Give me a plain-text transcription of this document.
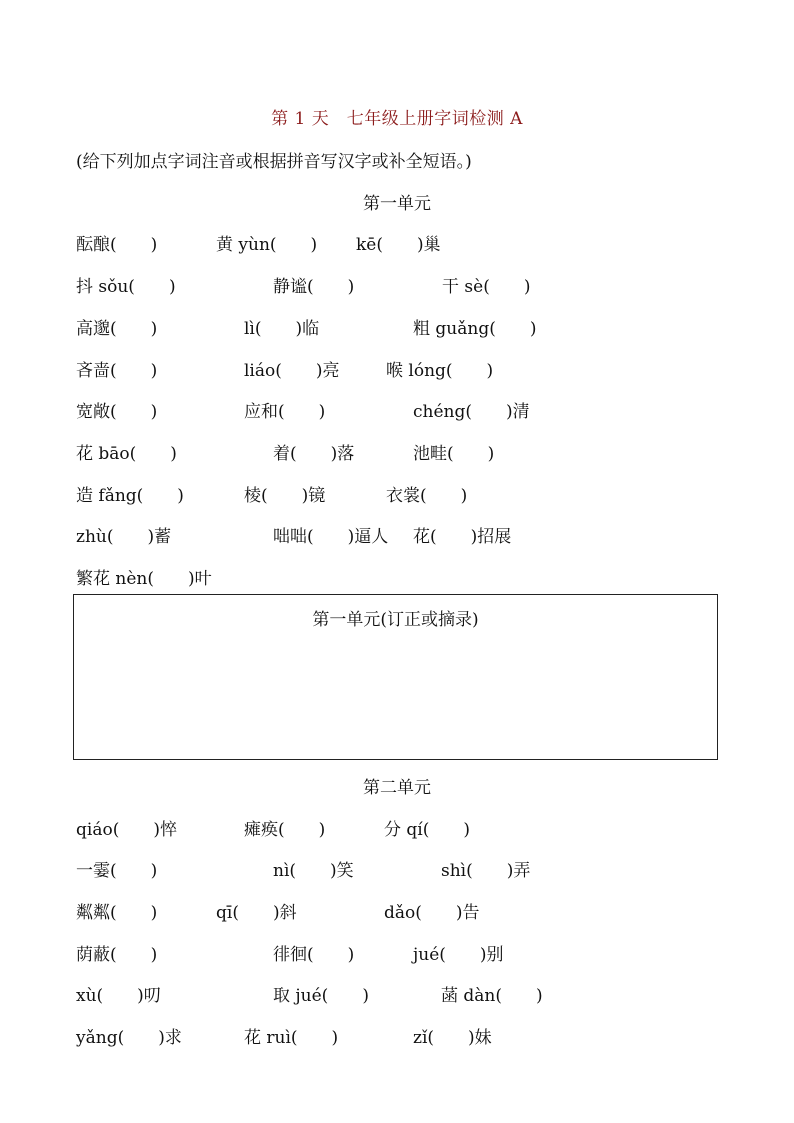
第 1 天　七年级上册字词检测 A
(给下列加点字词注音或根据拼音写汉字或补全短语。)
第一单元
酝酿(　　)	黄 yùn(　　) kē(　　)巢
抖 sǒu(　　)	静谧(　　)	干 sè(　　)
高邈(　　)	lì(　　)临	粗 guǎng(　　)
吝啬(　　)	liáo(　　)亮	喉 lóng(　　)
宽敞(　　)	应和(　　)	chéng(　　)清
花 bāo(　　)	着(　　)落	池畦(　　)
造 fǎng(　　)	棱(　　)镜	衣裳(　　)
zhù(　　)蓄	咄咄(　　)逼人 花(　　)招展
繁花 nèn(　　)叶
第一单元(订正或摘录)
第二单元
qiáo(　　)悴	瘫痪(　　)	分 qí(　　)
一霎(　　)	nì(　　)笑	shì(　　)弄
粼粼(　　)	qī(　　)斜	dǎo(　　)告
荫蔽(　　)	徘徊(　　)	jué(　　)别
xù(　　)叨	取 jué(　　)	菡 dàn(　　)
yǎng(　　)求	花 ruì(　　)	zǐ(　　)妹
